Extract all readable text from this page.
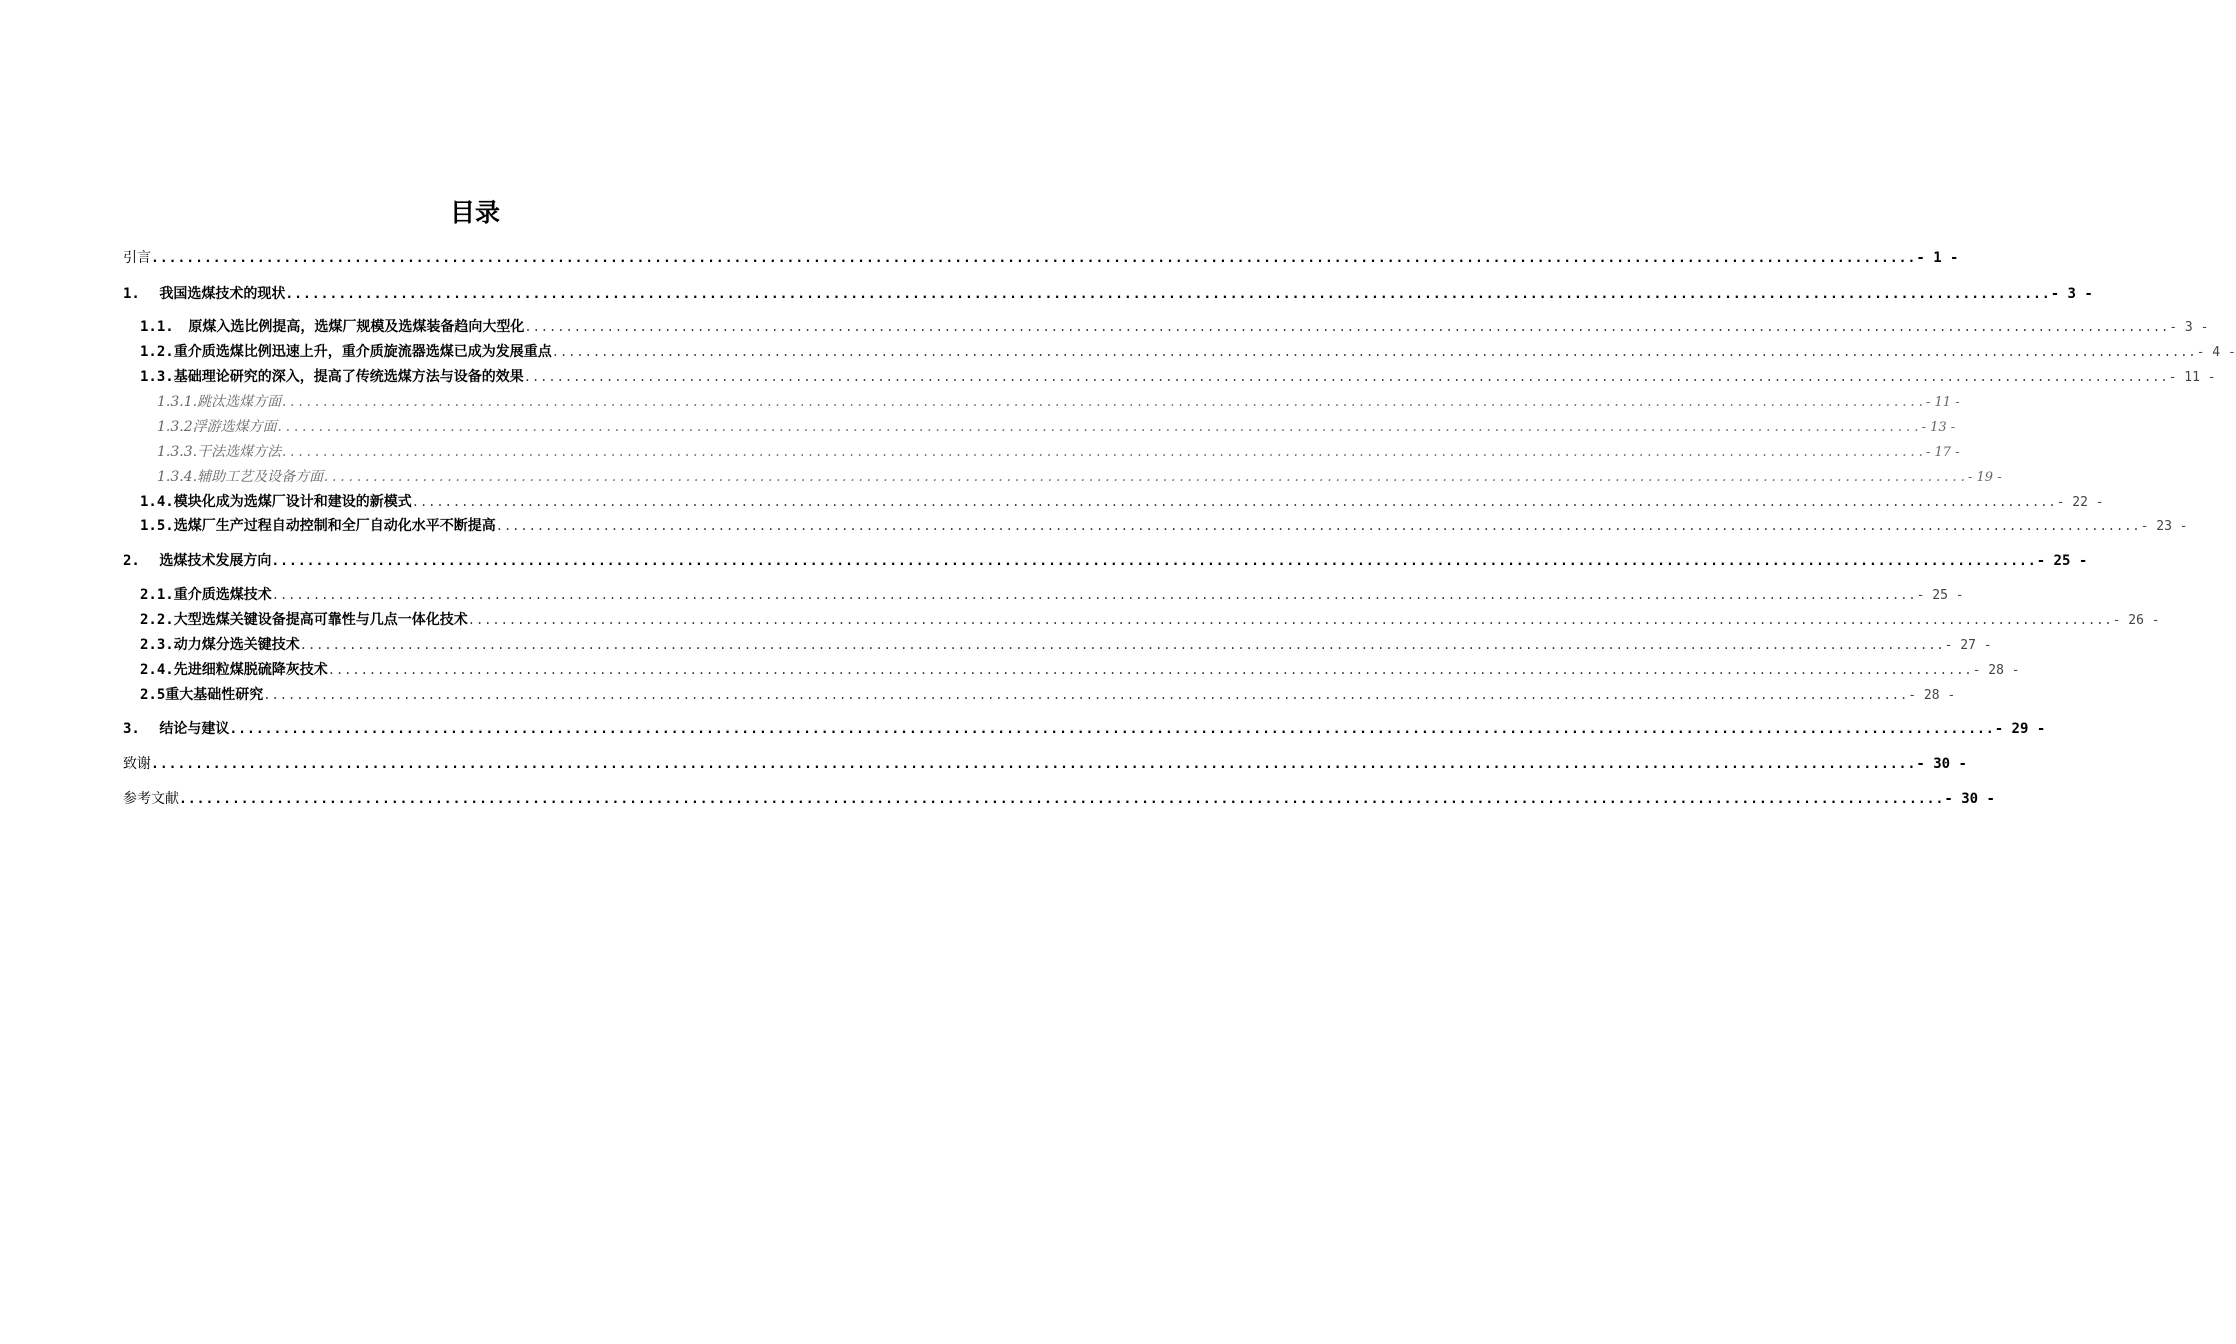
目录
引言 ........................................................................................................................................................................................................ - 1 -
1. 我国选煤技术的现状 ........................................................................................................................................................................................................ - 3 -
1.1. 原煤入选比例提高，选煤厂规模及选煤装备趋向大型化 ........................................................................................................................................................................................................ - 3 -
1.2.重介质选煤比例迅速上升，重介质旋流器选煤已成为发展重点 ........................................................................................................................................................................................................ - 4 -
1.3.基础理论研究的深入，提高了传统选煤方法与设备的效果 ........................................................................................................................................................................................................ - 11 -
1.3.1.跳汰选煤方面 ........................................................................................................................................................................................................ - 11 -
1.3.2浮游选煤方面 ........................................................................................................................................................................................................ - 13 -
1.3.3.干法选煤方法 ........................................................................................................................................................................................................ - 17 -
1.3.4.辅助工艺及设备方面 ........................................................................................................................................................................................................ - 19 -
1.4.模块化成为选煤厂设计和建设的新模式 ........................................................................................................................................................................................................ - 22 -
1.5.选煤厂生产过程自动控制和全厂自动化水平不断提高 ........................................................................................................................................................................................................ - 23 -
2. 选煤技术发展方向 ........................................................................................................................................................................................................ - 25 -
2.1.重介质选煤技术 ........................................................................................................................................................................................................ - 25 -
2.2.大型选煤关键设备提高可靠性与几点一体化技术 ........................................................................................................................................................................................................ - 26 -
2.3.动力煤分选关键技术 ........................................................................................................................................................................................................ - 27 -
2.4.先进细粒煤脱硫降灰技术 ........................................................................................................................................................................................................ - 28 -
2.5重大基础性研究 ........................................................................................................................................................................................................ - 28 -
3. 结论与建议 ........................................................................................................................................................................................................ - 29 -
致谢 ........................................................................................................................................................................................................ - 30 -
参考文献 ........................................................................................................................................................................................................ - 30 -
